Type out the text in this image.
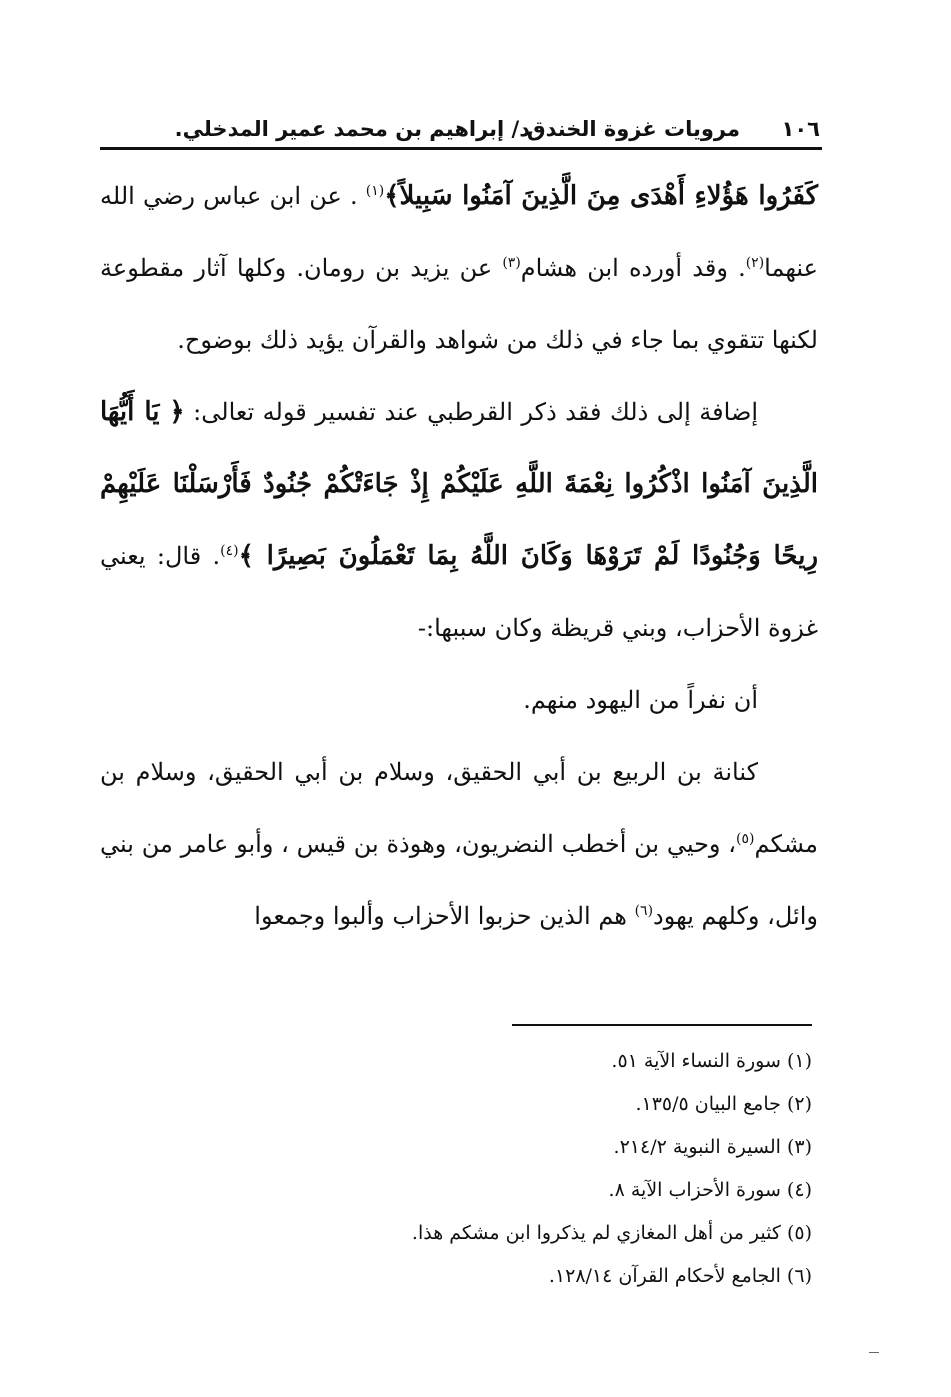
١٠٦
مرويات غزوة الخندق
د/ إبراهيم بن محمد عمير المدخلي.

كَفَرُوا هَؤُلاءِ أَهْدَى مِنَ الَّذِينَ آمَنُوا سَبِيلاً﴾$^{(١)}$ . عن ابن عباس رضي الله عنهما$^{(٢)}$. وقد أورده ابن هشام$^{(٣)}$ عن يزيد بن رومان. وكلها آثار مقطوعة لكنها تتقوي بما جاء في ذلك من شواهد والقرآن يؤيد ذلك بوضوح.

إضافة إلى ذلك فقد ذكر القرطبي عند تفسير قوله تعالى: ﴿ يَا أَيُّهَا الَّذِينَ آمَنُوا اذْكُرُوا نِعْمَةَ اللَّهِ عَلَيْكُمْ إِذْ جَاءَتْكُمْ جُنُودٌ فَأَرْسَلْنَا عَلَيْهِمْ رِيحًا وَجُنُودًا لَمْ تَرَوْهَا وَكَانَ اللَّهُ بِمَا تَعْمَلُونَ بَصِيرًا ﴾$^{(٤)}$. قال: يعني غزوة الأحزاب، وبني قريظة وكان سببها:-

أن نفراً من اليهود منهم.

كنانة بن الربيع بن أبي الحقيق، وسلام بن أبي الحقيق، وسلام بن مشكم$^{(٥)}$، وحيي بن أخطب النضريون، وهوذة بن قيس ، وأبو عامر من بني وائل، وكلهم يهود$^{(٦)}$ هم الذين حزبوا الأحزاب وألبوا وجمعوا

(١) سورة النساء الآية ٥١.
(٢) جامع البيان ١٣٥/٥.
(٣) السيرة النبوية ٢١٤/٢.
(٤) سورة الأحزاب الآية ٨.
(٥) كثير من أهل المغازي لم يذكروا ابن مشكم هذا.
(٦) الجامع لأحكام القرآن ١٢٨/١٤.
